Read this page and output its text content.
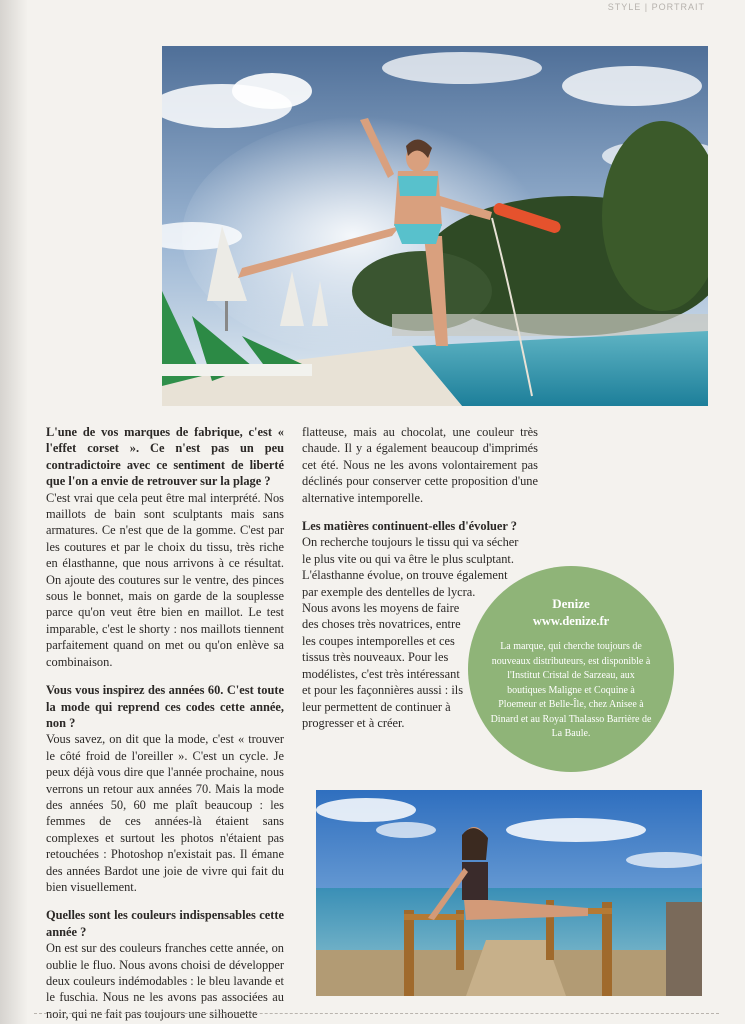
STYLE | PORTRAIT

L'une de vos marques de fabrique, c'est « l'effet corset ». Ce n'est pas un peu contradictoire avec ce sentiment de liberté que l'on a envie de retrouver sur la plage ?

C'est vrai que cela peut être mal interprété. Nos maillots de bain sont sculptants mais sans armatures. Ce n'est que de la gomme. C'est par les coutures et par le choix du tissu, très riche en élasthanne, que nous arrivons à ce résultat. On ajoute des coutures sur le ventre, des pinces sous le bonnet, mais on garde de la souplesse parce qu'on veut être bien en maillot. Le test imparable, c'est le shorty : nos maillots tiennent parfaitement quand on met ou qu'on enlève sa combinaison.

Vous vous inspirez des années 60. C'est toute la mode qui reprend ces codes cette année, non ?

Vous savez, on dit que la mode, c'est « trouver le côté froid de l'oreiller ». C'est un cycle. Je peux déjà vous dire que l'année prochaine, nous verrons un retour aux années 70. Mais la mode des années 50, 60 me plaît beaucoup : les femmes de ces années-là étaient sans complexes et surtout les photos n'étaient pas retouchées : Photoshop n'existait pas. Il émane des années Bardot une joie de vivre qui fait du bien visuellement.

Quelles sont les couleurs indispensables cette année ?

On est sur des couleurs franches cette année, on oublie le fluo. Nous avons choisi de développer deux couleurs indémodables : le bleu lavande et le fuschia. Nous ne les avons pas associées au noir, qui ne fait pas toujours une silhouette

flatteuse, mais au chocolat, une couleur très chaude. Il y a également beaucoup d'imprimés cet été. Nous ne les avons volontairement pas déclinés pour conserver cette proposition d'une alternative intemporelle.

Les matières continuent-elles d'évoluer ?

On recherche toujours le tissu qui va sécher
le plus vite ou qui va être le plus sculptant.
L'élasthanne évolue, on trouve également
par exemple des dentelles de lycra.
Nous avons les moyens de faire
des choses très novatrices, entre
les coupes intemporelles et ces
tissus très nouveaux. Pour les
modélistes, c'est très intéressant
et pour les façonnières aussi : ils
leur permettent de continuer à
progresser et à créer.

Denize
www.denize.fr
La marque, qui cherche toujours de nouveaux distributeurs, est disponible à l'Institut Cristal de Sarzeau, aux boutiques Maligne et Coquine à Ploemeur et Belle-Île, chez Anisee à Dinard et au Royal Thalasso Barrière de La Baule.
